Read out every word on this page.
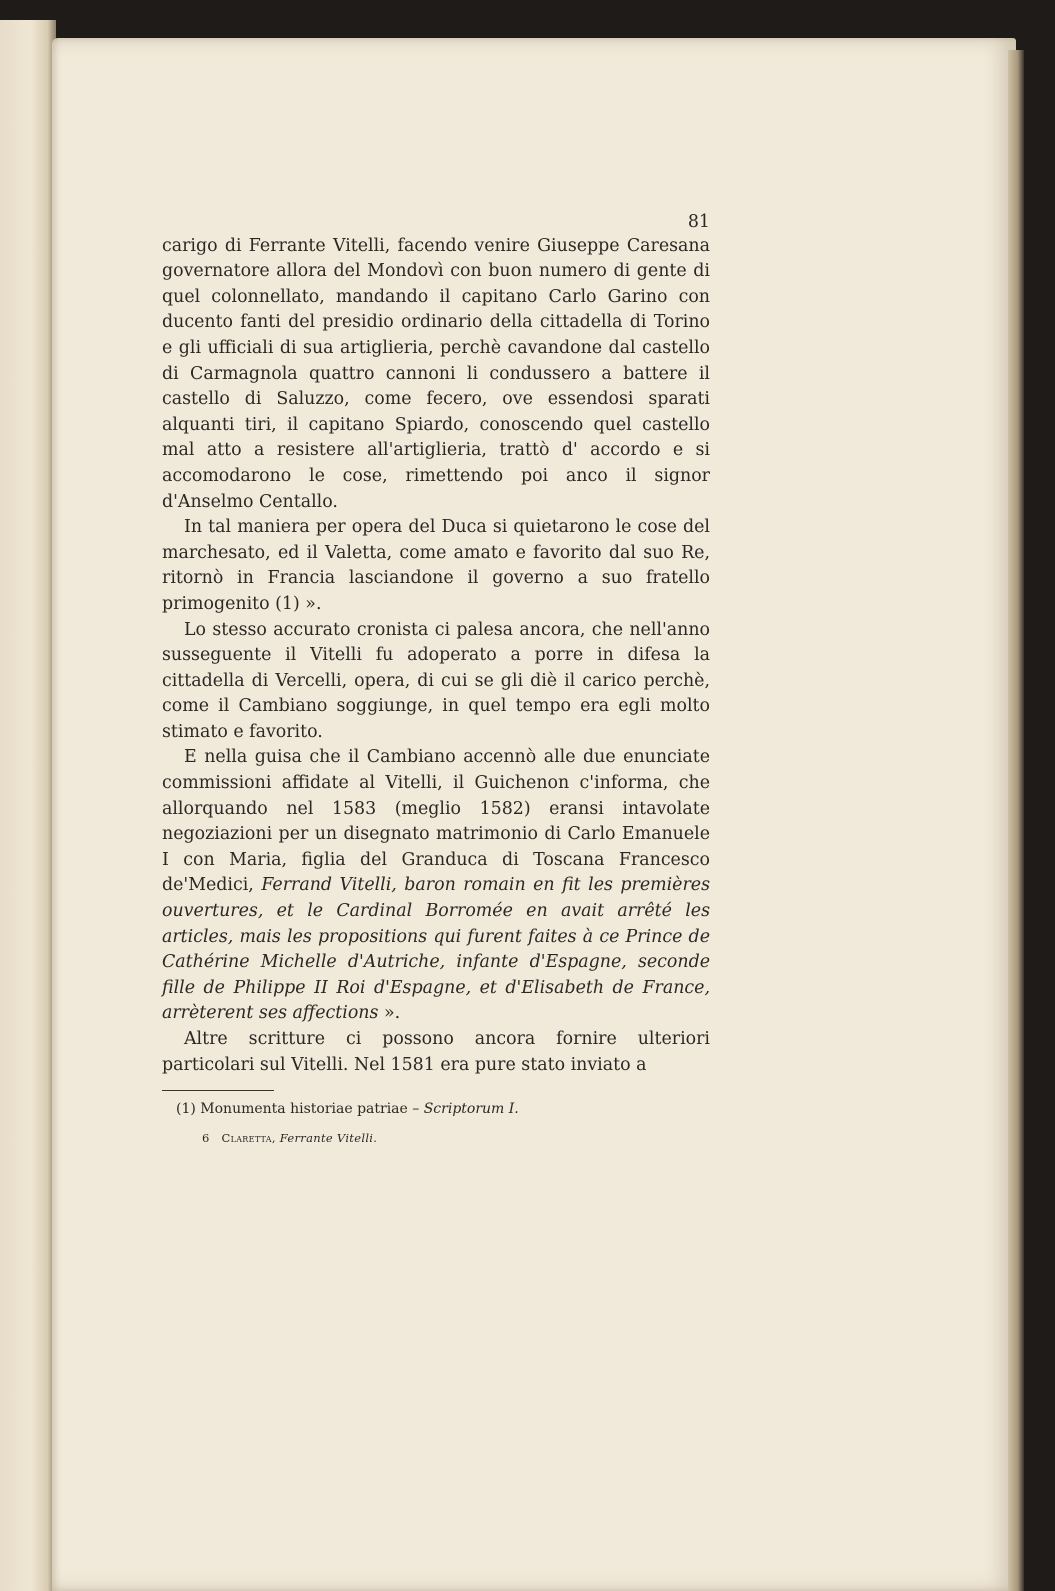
81

carigo di Ferrante Vitelli, facendo venire Giuseppe Caresana governatore allora del Mondovì con buon numero di gente di quel colonnellato, mandando il capitano Carlo Garino con ducento fanti del presidio ordinario della cittadella di Torino e gli ufficiali di sua artiglieria, perchè cavandone dal castello di Carmagnola quattro cannoni li condussero a battere il castello di Saluzzo, come fecero, ove essendosi sparati alquanti tiri, il capitano Spiardo, conoscendo quel castello mal atto a resistere all'artiglieria, trattò d' accordo e si accomodarono le cose, rimettendo poi anco il signor d'Anselmo Centallo.

In tal maniera per opera del Duca si quietarono le cose del marchesato, ed il Valetta, come amato e favorito dal suo Re, ritornò in Francia lasciandone il governo a suo fratello primogenito (1) ».

Lo stesso accurato cronista ci palesa ancora, che nell'anno susseguente il Vitelli fu adoperato a porre in difesa la cittadella di Vercelli, opera, di cui se gli diè il carico perchè, come il Cambiano soggiunge, in quel tempo era egli molto stimato e favorito.

E nella guisa che il Cambiano accennò alle due enunciate commissioni affidate al Vitelli, il Guichenon c'informa, che allorquando nel 1583 (meglio 1582) eransi intavolate negoziazioni per un disegnato matrimonio di Carlo Emanuele I con Maria, figlia del Granduca di Toscana Francesco de'Medici, Ferrand Vitelli, baron romain en fit les premières ouvertures, et le Cardinal Borromée en avait arrêté les articles, mais les propositions qui furent faites à ce Prince de Cathérine Michelle d'Autriche, infante d'Espagne, seconde fille de Philippe II Roi d'Espagne, et d'Elisabeth de France, arrèterent ses affections ».

Altre scritture ci possono ancora fornire ulteriori particolari sul Vitelli. Nel 1581 era pure stato inviato a

(1) Monumenta historiae patriae – Scriptorum I.

6 Claretta, Ferrante Vitelli.
